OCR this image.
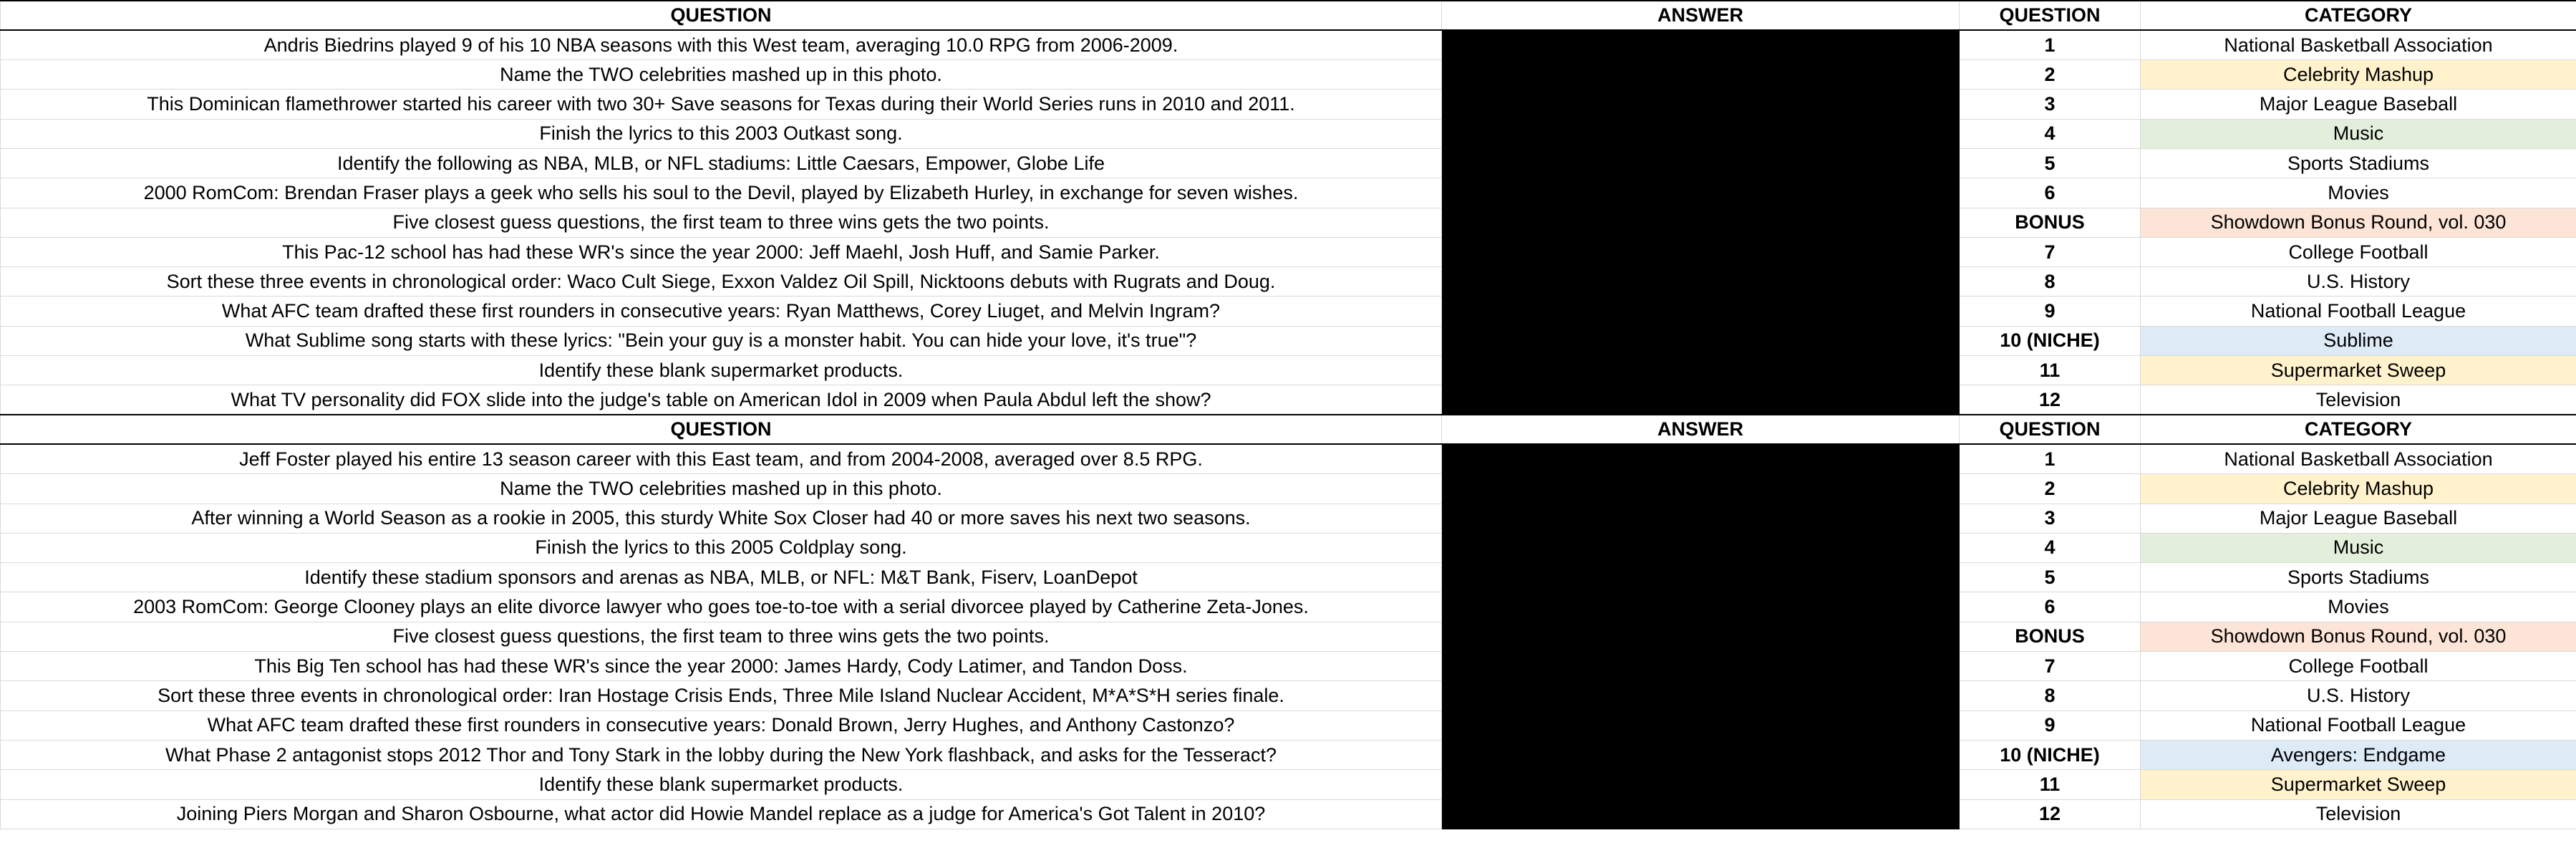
QUESTION	ANSWER	QUESTION	CATEGORY
Andris Biedrins played 9 of his 10 NBA seasons with this West team, averaging 10.0 RPG from 2006-2009.		1	National Basketball Association
Name the TWO celebrities mashed up in this photo.		2	Celebrity Mashup
This Dominican flamethrower started his career with two 30+ Save seasons for Texas during their World Series runs in 2010 and 2011.		3	Major League Baseball
Finish the lyrics to this 2003 Outkast song.		4	Music
Identify the following as NBA, MLB, or NFL stadiums: Little Caesars, Empower, Globe Life		5	Sports Stadiums
2000 RomCom: Brendan Fraser plays a geek who sells his soul to the Devil, played by Elizabeth Hurley, in exchange for seven wishes.		6	Movies
Five closest guess questions, the first team to three wins gets the two points.		BONUS	Showdown Bonus Round, vol. 030
This Pac-12 school has had these WR's since the year 2000: Jeff Maehl, Josh Huff, and Samie Parker.		7	College Football
Sort these three events in chronological order: Waco Cult Siege, Exxon Valdez Oil Spill, Nicktoons debuts with Rugrats and Doug.		8	U.S. History
What AFC team drafted these first rounders in consecutive years: Ryan Matthews, Corey Liuget, and Melvin Ingram?		9	National Football League
What Sublime song starts with these lyrics: "Bein your guy is a monster habit. You can hide your love, it's true"?		10 (NICHE)	Sublime
Identify these blank supermarket products.		11	Supermarket Sweep
What TV personality did FOX slide into the judge's table on American Idol in 2009 when Paula Abdul left the show?		12	Television
QUESTION	ANSWER	QUESTION	CATEGORY
Jeff Foster played his entire 13 season career with this East team, and from 2004-2008, averaged over 8.5 RPG.		1	National Basketball Association
Name the TWO celebrities mashed up in this photo.		2	Celebrity Mashup
After winning a World Season as a rookie in 2005, this sturdy White Sox Closer had 40 or more saves his next two seasons.		3	Major League Baseball
Finish the lyrics to this 2005 Coldplay song.		4	Music
Identify these stadium sponsors and arenas as NBA, MLB, or NFL: M&T Bank, Fiserv, LoanDepot		5	Sports Stadiums
2003 RomCom: George Clooney plays an elite divorce lawyer who goes toe-to-toe with a serial divorcee played by Catherine Zeta-Jones.		6	Movies
Five closest guess questions, the first team to three wins gets the two points.		BONUS	Showdown Bonus Round, vol. 030
This Big Ten school has had these WR's since the year 2000: James Hardy, Cody Latimer, and Tandon Doss.		7	College Football
Sort these three events in chronological order: Iran Hostage Crisis Ends, Three Mile Island Nuclear Accident, M*A*S*H series finale.		8	U.S. History
What AFC team drafted these first rounders in consecutive years: Donald Brown, Jerry Hughes, and Anthony Castonzo?		9	National Football League
What Phase 2 antagonist stops 2012 Thor and Tony Stark in the lobby during the New York flashback, and asks for the Tesseract?		10 (NICHE)	Avengers: Endgame
Identify these blank supermarket products.		11	Supermarket Sweep
Joining Piers Morgan and Sharon Osbourne, what actor did Howie Mandel replace as a judge for America's Got Talent in 2010?		12	Television
